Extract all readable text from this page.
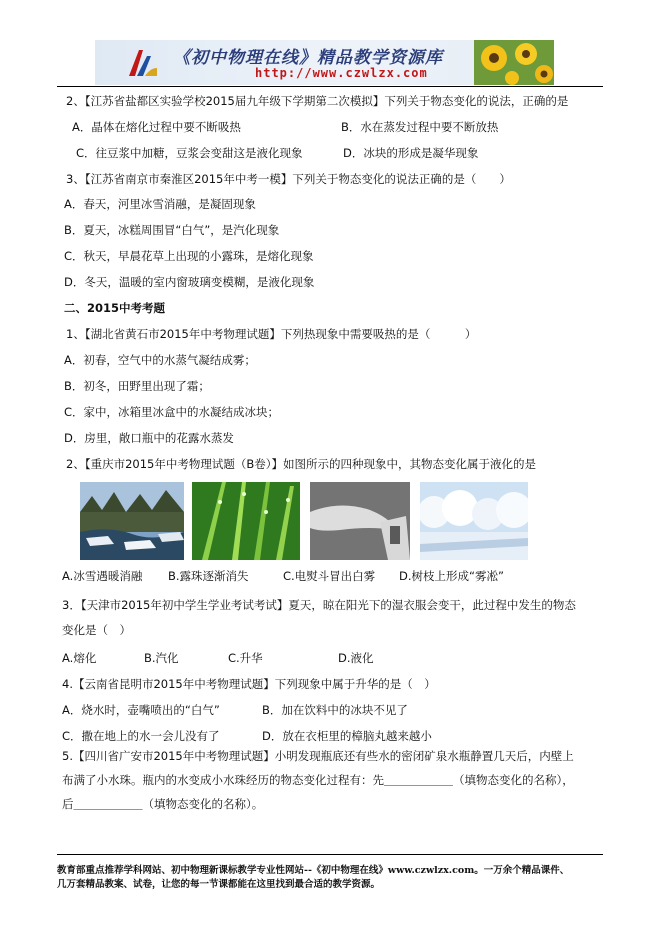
《初中物理在线》精品教学资源库
http://www.czwlzx.com
2、【江苏省盐都区实验学校2015届九年级下学期第二次模拟】下列关于物态变化的说法，正确的是
A．晶体在熔化过程中要不断吸热	B．水在蒸发过程中要不断放热
C．往豆浆中加糖，豆浆会变甜这是液化现象	D．冰块的形成是凝华现象
3、【江苏省南京市秦淮区2015年中考一模】下列关于物态变化的说法正确的是（　　）
A．春天，河里冰雪消融，是凝固现象
B．夏天，冰糕周围冒“白气”，是汽化现象
C．秋天，早晨花草上出现的小露珠，是熔化现象
D．冬天，温暖的室内窗玻璃变模糊，是液化现象
二、2015中考考题
1、【湖北省黄石市2015年中考物理试题】下列热现象中需要吸热的是（　　　）
A．初春，空气中的水蒸气凝结成雾；
B．初冬，田野里出现了霜；
C．家中，冰箱里冰盒中的水凝结成冰块；
D．房里，敞口瓶中的花露水蒸发
2、【重庆市2015年中考物理试题（B卷）】如图所示的四种现象中，其物态变化属于液化的是
A.冰雪遇暖消融 B.露珠逐渐消失	C.电熨斗冒出白雾 D.树枝上形成“雾凇”
3．【天津市2015年初中学生学业考试考试】夏天，晾在阳光下的湿衣服会变干，此过程中发生的物态
变化是（　）
A.熔化	B.汽化	C.升华	D.液化
4.【云南省昆明市2015年中考物理试题】下列现象中属于升华的是（　）
A．烧水时，壶嘴喷出的“白气”	B．加在饮料中的冰块不见了
C．撒在地上的水一会儿没有了	D．放在衣柜里的樟脑丸越来越小
5.【四川省广安市2015年中考物理试题】小明发现瓶底还有些水的密闭矿泉水瓶静置几天后，内壁上
布满了小水珠。瓶内的水变成小水珠经历的物态变化过程有：先＿＿＿＿＿＿（填物态变化的名称），
后＿＿＿＿＿＿（填物态变化的名称）。
教育部重点推荐学科网站、初中物理新课标教学专业性网站--《初中物理在线》www.czwlzx.com。一万余个精品课件、
几万套精品教案、试卷，让您的每一节课都能在这里找到最合适的教学资源。
